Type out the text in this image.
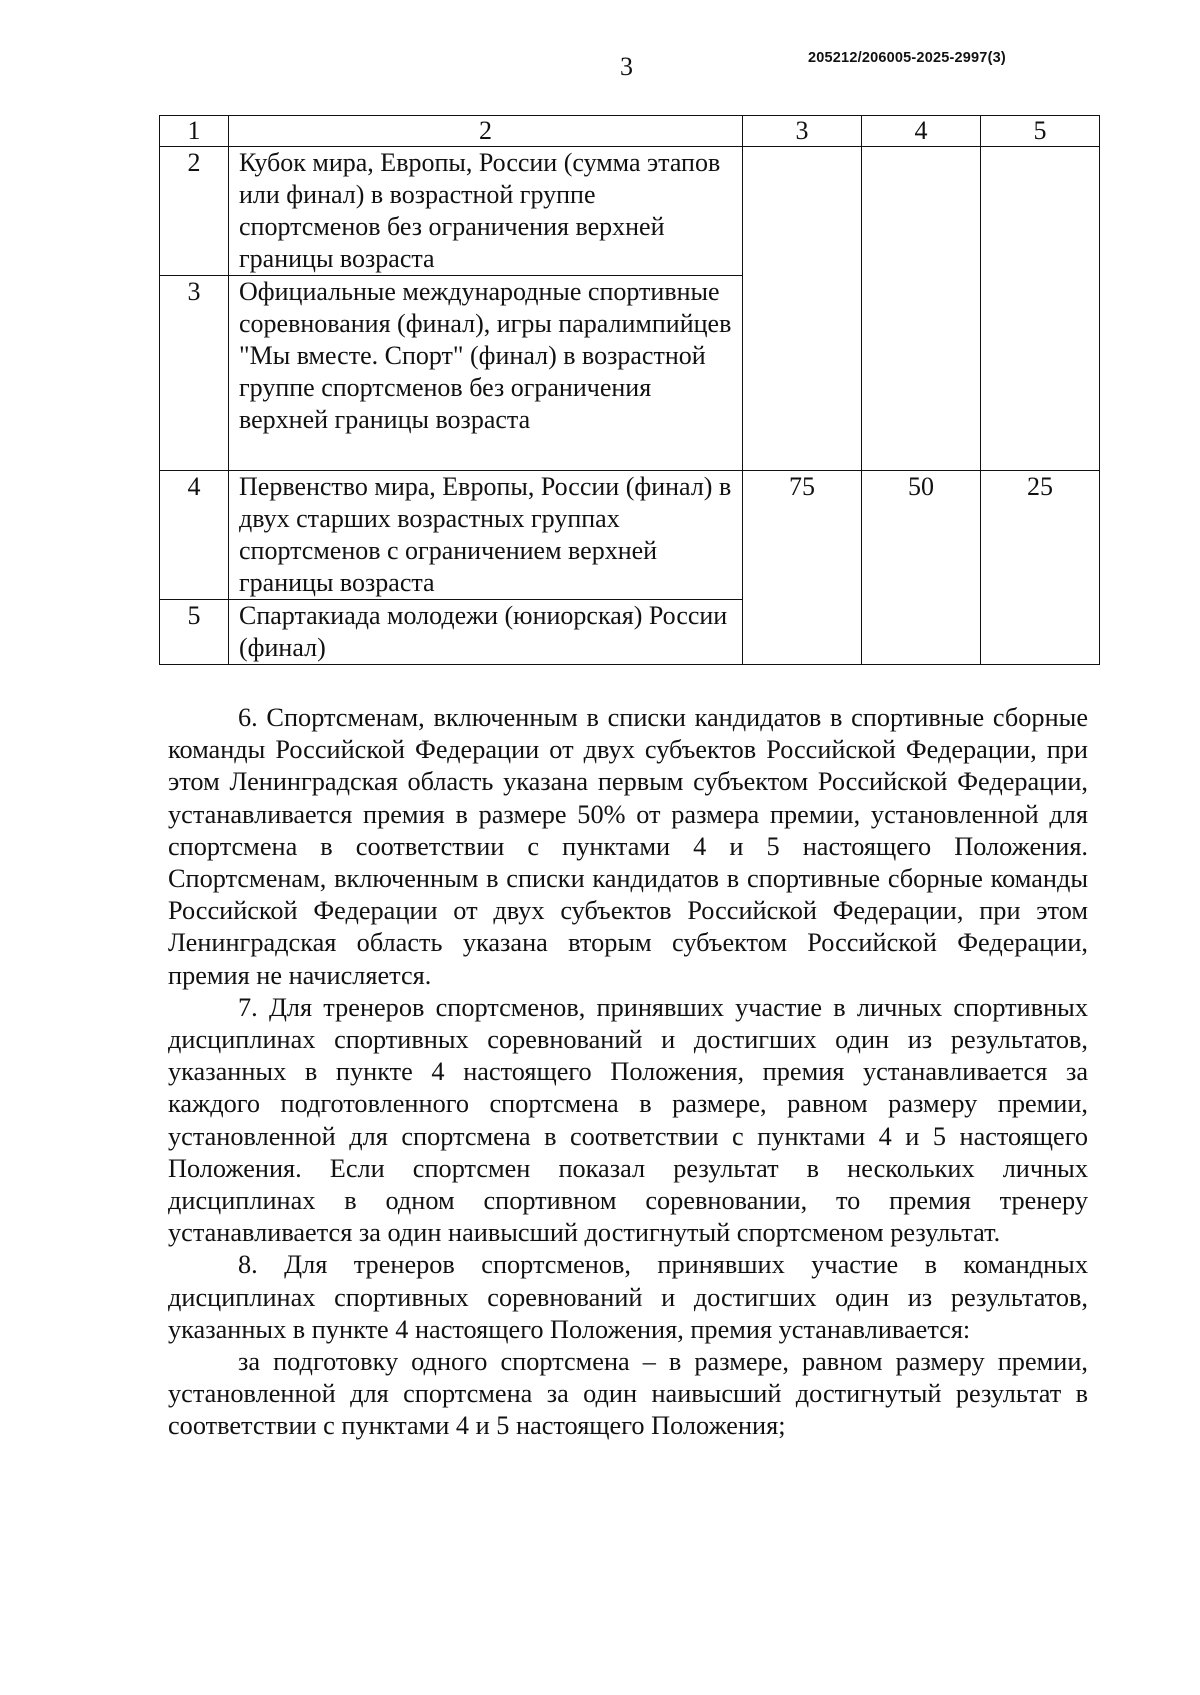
3	205212/206005-2025-2997(3)
1	2	3	4	5
2	Кубок мира, Европы, России (сумма этапов или финал) в возрастной группе спортсменов без ограничения верхней границы возраста			
3	Официальные международные спортивные соревнования (финал), игры паралимпийцев "Мы вместе. Спорт" (финал) в возрастной группе спортсменов без ограничения верхней границы возраста			
4	Первенство мира, Европы, России (финал) в двух старших возрастных группах спортсменов с ограничением верхней границы возраста	75	50	25
5	Спартакиада молодежи (юниорская) России (финал)			

6. Спортсменам, включенным в списки кандидатов в спортивные сборные команды Российской Федерации от двух субъектов Российской Федерации, при этом Ленинградская область указана первым субъектом Российской Федерации, устанавливается премия в размере 50% от размера премии, установленной для спортсмена в соответствии с пунктами 4 и 5 настоящего Положения. Спортсменам, включенным в списки кандидатов в спортивные сборные команды Российской Федерации от двух субъектов Российской Федерации, при этом Ленинградская область указана вторым субъектом Российской Федерации, премия не начисляется.

7. Для тренеров спортсменов, принявших участие в личных спортивных дисциплинах спортивных соревнований и достигших один из результатов, указанных в пункте 4 настоящего Положения, премия устанавливается за каждого подготовленного спортсмена в размере, равном размеру премии, установленной для спортсмена в соответствии с пунктами 4 и 5 настоящего Положения. Если спортсмен показал результат в нескольких личных дисциплинах в одном спортивном соревновании, то премия тренеру устанавливается за один наивысший достигнутый спортсменом результат.

8. Для тренеров спортсменов, принявших участие в командных дисциплинах спортивных соревнований и достигших один из результатов, указанных в пункте 4 настоящего Положения, премия устанавливается:

за подготовку одного спортсмена – в размере, равном размеру премии, установленной для спортсмена за один наивысший достигнутый результат в соответствии с пунктами 4 и 5 настоящего Положения;
